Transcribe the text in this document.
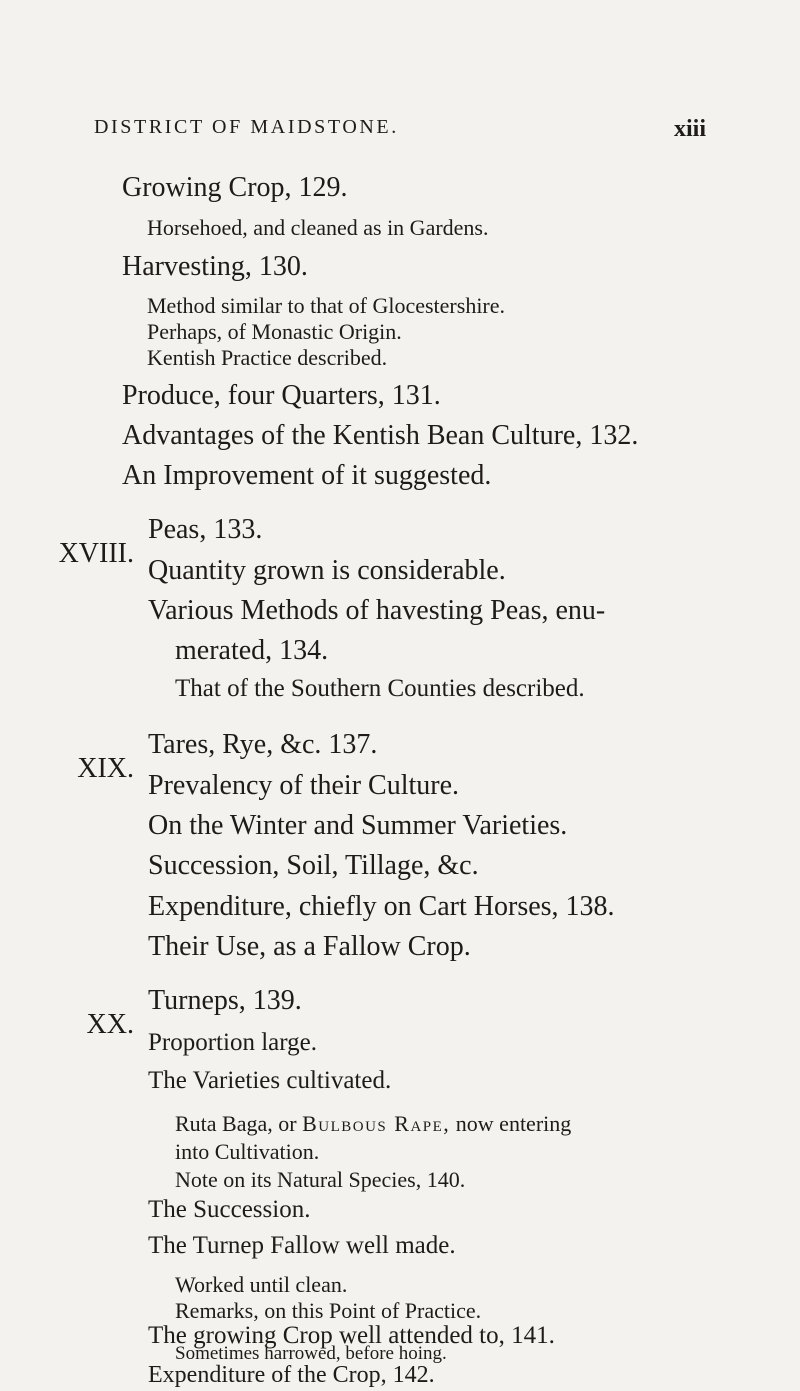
DISTRICT OF MAIDSTONE.	xiii
Growing Crop, 129.
Horsehoed, and cleaned as in Gardens.
Harvesting, 130.
Method similar to that of Glocestershire.
Perhaps, of Monastic Origin.
Kentish Practice described.
Produce, four Quarters, 131.
Advantages of the Kentish Bean Culture, 132.
An Improvement of it suggested.
XVIII.
Peas, 133.
Quantity grown is considerable.
Various Methods of havesting Peas, enu-
merated, 134.
That of the Southern Counties described.
XIX.
Tares, Rye, &c. 137.
Prevalency of their Culture.
On the Winter and Summer Varieties.
Succession, Soil, Tillage, &c.
Expenditure, chiefly on Cart Horses, 138.
Their Use, as a Fallow Crop.
XX.
Turneps, 139.
Proportion large.
The Varieties cultivated.
Ruta Baga, or Bulbous Rape, now entering
into Cultivation.
Note on its Natural Species, 140.
The Succession.
The Turnep Fallow well made.
Worked until clean.
Remarks, on this Point of Practice.
The growing Crop well attended to, 141.
Sometimes harrowed, before hoing.
Expenditure of the Crop, 142.
